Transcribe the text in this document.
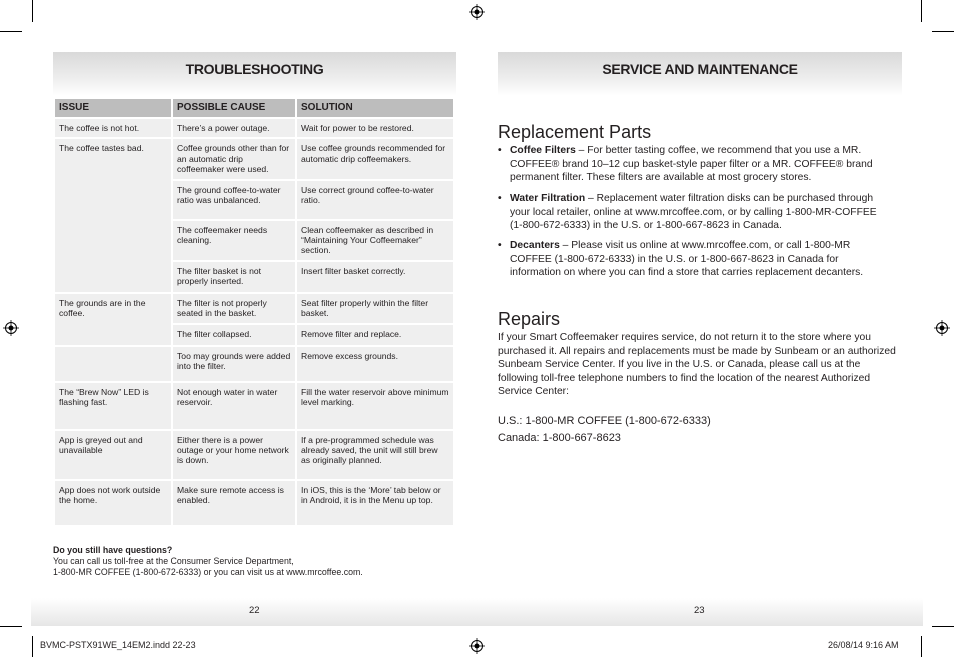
TROUBLESHOOTING
ISSUE	POSSIBLE CAUSE	SOLUTION
The coffee is not hot.	There’s a power outage.	Wait for power to be restored.
The coffee tastes bad.	Coffee grounds other than for an automatic drip coffeemaker were used.	Use coffee grounds recommended for automatic drip coffeemakers.
	The ground coffee-to-water ratio was unbalanced.	Use correct ground coffee-to-water ratio.
	The coffeemaker needs cleaning.	Clean coffeemaker as described in “Maintaining Your Coffeemaker” section.
	The filter basket is not properly inserted.	Insert filter basket correctly.
The grounds are in the coffee.	The filter is not properly seated in the basket.	Seat filter properly within the filter basket.
	The filter collapsed.	Remove filter and replace.
	Too may grounds were added into the filter.	Remove excess grounds.
The “Brew Now” LED is flashing fast.	Not enough water in water reservoir.	Fill the water reservoir above minimum level marking.
App is greyed out and unavailable	Either there is a power outage or your home network is down.	If a pre-programmed schedule was already saved, the unit will still brew as originally planned.
App does not work outside the home.	Make sure remote access is enabled.	In iOS, this is the ‘More’ tab below or in Android, it is in the Menu up top.
Do you still have questions?
You can call us toll-free at the Consumer Service Department,
1-800-MR COFFEE (1-800-672-6333) or you can visit us at www.mrcoffee.com.
SERVICE AND MAINTENANCE
Replacement Parts
• Coffee Filters – For better tasting coffee, we recommend that you use a MR. COFFEE® brand 10–12 cup basket-style paper filter or a MR. COFFEE® brand permanent filter. These filters are available at most grocery stores.
• Water Filtration – Replacement water filtration disks can be purchased through your local retailer, online at www.mrcoffee.com, or by calling 1-800-MR-COFFEE (1-800-672-6333) in the U.S. or 1-800-667-8623 in Canada.
• Decanters – Please visit us online at www.mrcoffee.com, or call 1-800-MR COFFEE (1-800-672-6333) in the U.S. or 1-800-667-8623 in Canada for information on where you can find a store that carries replacement decanters.
Repairs
If your Smart Coffeemaker requires service, do not return it to the store where you purchased it. All repairs and replacements must be made by Sunbeam or an authorized Sunbeam Service Center. If you live in the U.S. or Canada, please call us at the following toll-free telephone numbers to find the location of the nearest Authorized Service Center:
U.S.: 1-800-MR COFFEE (1-800-672-6333)
Canada: 1-800-667-8623
22	23
BVMC-PSTX91WE_14EM2.indd 22-23	26/08/14 9:16 AM
